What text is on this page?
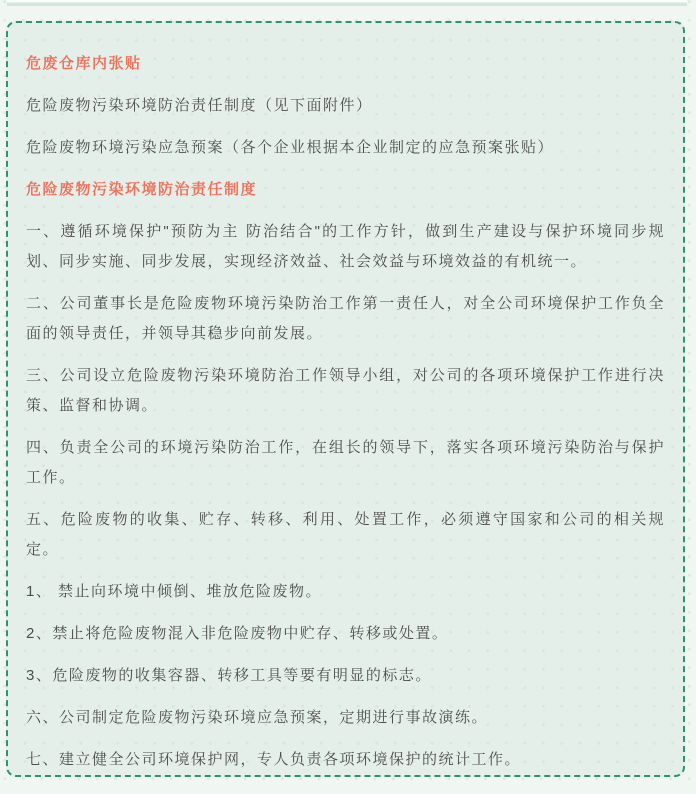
危废仓库内张贴
危险废物污染环境防治责任制度（见下面附件）
危险废物环境污染应急预案（各个企业根据本企业制定的应急预案张贴）
危险废物污染环境防治责任制度
一、遵循环境保护"预防为主 防治结合"的工作方针，做到生产建设与保护环境同步规划、同步实施、同步发展，实现经济效益、社会效益与环境效益的有机统一。
二、公司董事长是危险废物环境污染防治工作第一责任人，对全公司环境保护工作负全面的领导责任，并领导其稳步向前发展。
三、公司设立危险废物污染环境防治工作领导小组，对公司的各项环境保护工作进行决策、监督和协调。
四、负责全公司的环境污染防治工作，在组长的领导下，落实各项环境污染防治与保护工作。
五、危险废物的收集、贮存、转移、利用、处置工作，必须遵守国家和公司的相关规定。
1、 禁止向环境中倾倒、堆放危险废物。
2、禁止将危险废物混入非危险废物中贮存、转移或处置。
3、危险废物的收集容器、转移工具等要有明显的标志。
六、公司制定危险废物污染环境应急预案，定期进行事故演练。
七、建立健全公司环境保护网，专人负责各项环境保护的统计工作。
